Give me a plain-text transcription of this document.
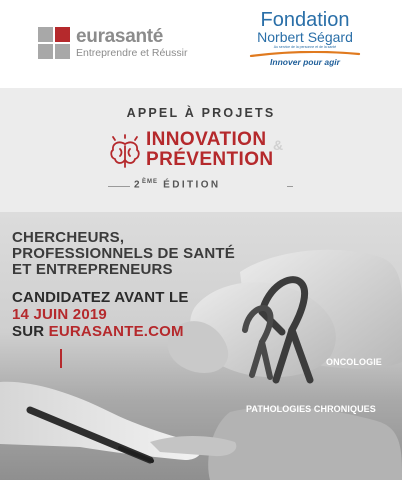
eurasanté
Entreprendre et Réussir
Fondation
Norbert Ségard
Au service de la personne et de la santé
Innover pour agir
APPEL À PROJETS
INNOVATION &
PRÉVENTION
2ÈME ÉDITION
CHERCHEURS,
PROFESSIONNELS DE SANTÉ
ET ENTREPRENEURS
CANDIDATEZ AVANT LE
14 JUIN 2019
SUR EURASANTE.COM
ONCOLOGIE
PATHOLOGIES CHRONIQUES
